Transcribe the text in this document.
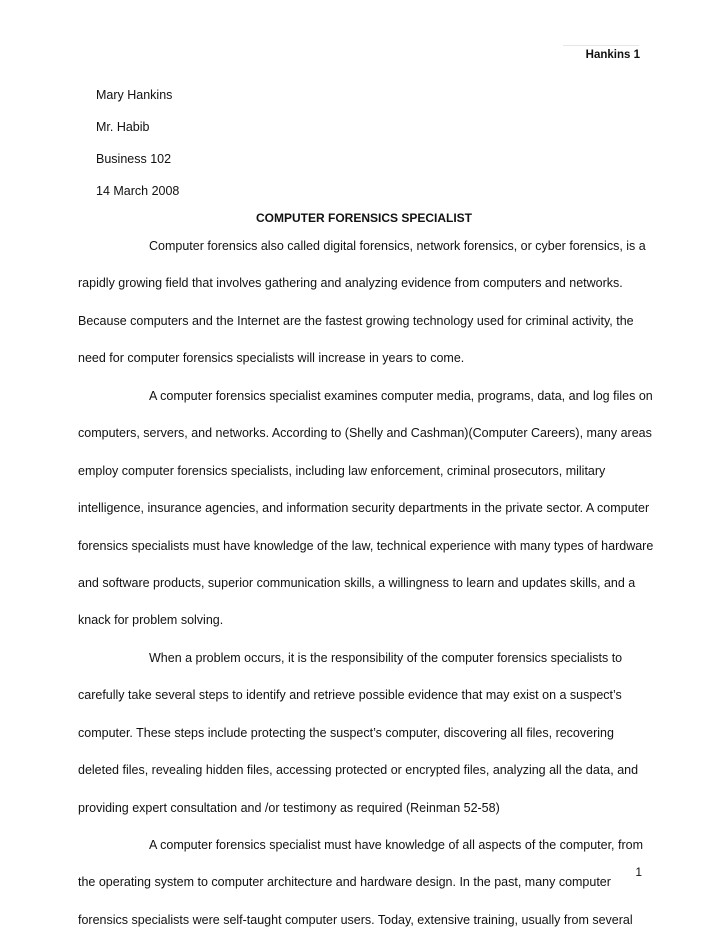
Hankins 1
Mary Hankins
Mr. Habib
Business 102
14 March 2008
COMPUTER FORENSICS SPECIALIST
Computer forensics also called digital forensics, network forensics, or cyber forensics, is a
rapidly growing field that involves gathering and analyzing evidence from computers and networks.
Because computers and the Internet are the fastest growing technology used for criminal activity, the
need for computer forensics specialists will increase in years to come.
A computer forensics specialist examines computer media, programs, data, and log files on
computers, servers, and networks. According to (Shelly and Cashman)(Computer Careers), many areas
employ computer forensics specialists, including law enforcement, criminal prosecutors, military
intelligence, insurance agencies, and information security departments in the private sector. A computer
forensics specialists must have knowledge of the law, technical experience with many types of hardware
and software products, superior communication skills, a willingness to learn and updates skills, and a
knack for problem solving.
When a problem occurs, it is the responsibility of the computer forensics specialists to
carefully take several steps to identify and retrieve possible evidence that may exist on a suspect’s
computer. These steps include protecting the suspect’s computer, discovering all files, recovering
deleted files, revealing hidden files, accessing protected or encrypted files, analyzing all the data, and
providing expert consultation and /or testimony as required (Reinman 52-58)
A computer forensics specialist must have knowledge of all aspects of the computer, from
the operating system to computer architecture and hardware design. In the past, many computer
forensics specialists were self-taught computer users. Today, extensive training, usually from several
1
